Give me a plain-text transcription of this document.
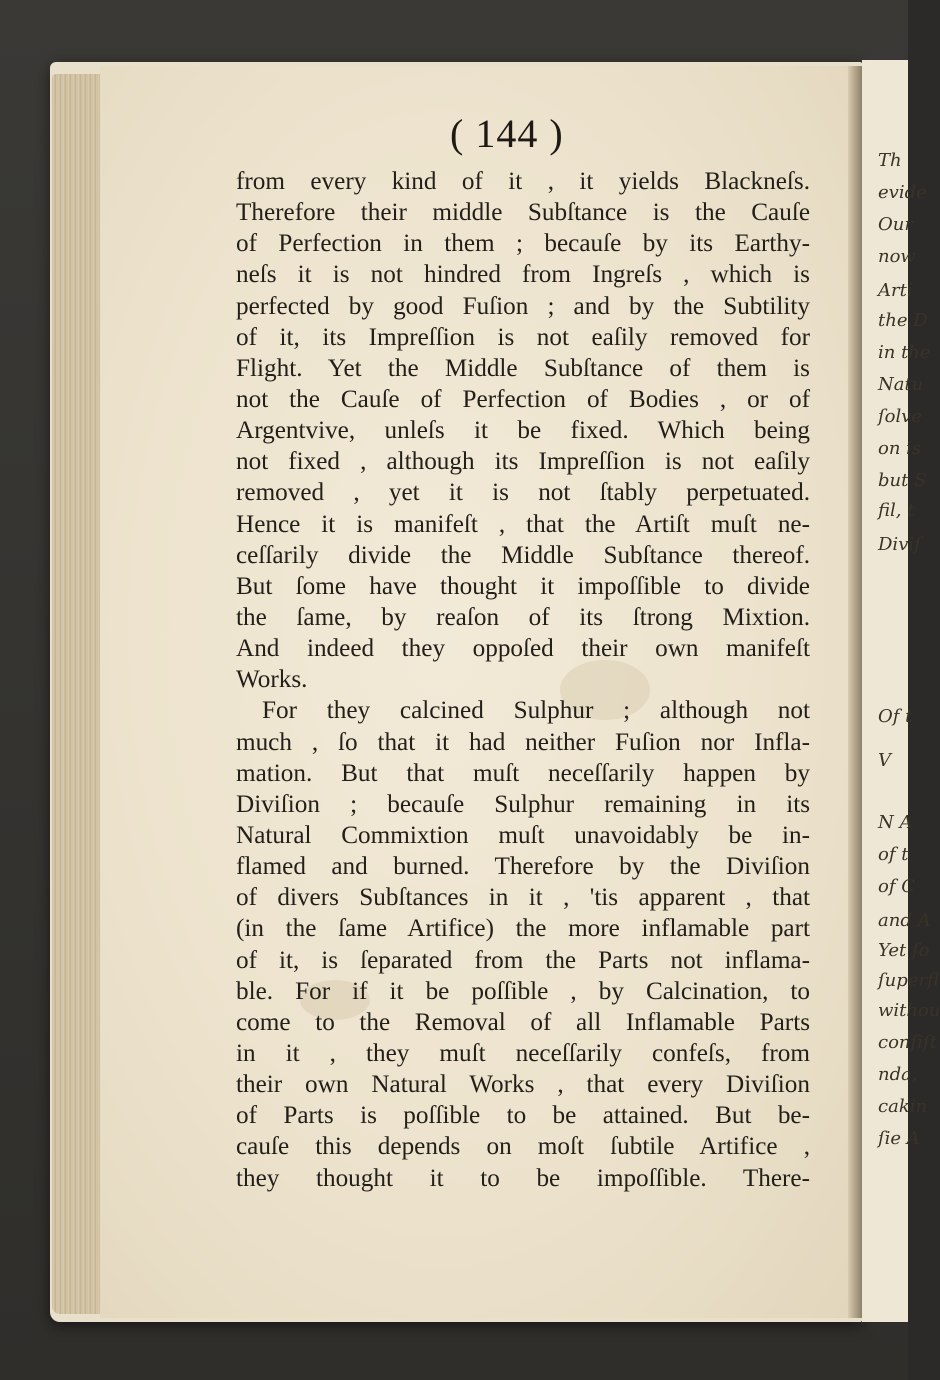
Th
evide
Our
now
Arti
the D
in the
Natu
ſolve
on is
but S
fil, t
Diviſ
Of t
V
N A
of t
of C
and A
Yet ſo
ſuperfl
withou
conſiſt
nda,
cakin
ſie A
( 144 )
from every kind of it , it yields Blackneſs.
Therefore their middle Subſtance is the Cauſe
of Perfection in them ; becauſe by its Earthy-
neſs it is not hindred from Ingreſs , which is
perfected by good Fuſion ; and by the Subtility
of it, its Impreſſion is not eaſily removed for
Flight. Yet the Middle Subſtance of them is
not the Cauſe of Perfection of Bodies , or of
Argentvive, unleſs it be fixed. Which being
not fixed , although its Impreſſion is not eaſily
removed , yet it is not ſtably perpetuated.
Hence it is manifeſt , that the Artiſt muſt ne-
ceſſarily divide the Middle Subſtance thereof.
But ſome have thought it impoſſible to divide
the ſame, by reaſon of its ſtrong Mixtion.
And indeed they oppoſed their own manifeſt
Works.
For they calcined Sulphur ; although not
much , ſo that it had neither Fuſion nor Infla-
mation. But that muſt neceſſarily happen by
Diviſion ; becauſe Sulphur remaining in its
Natural Commixtion muſt unavoidably be in-
flamed and burned. Therefore by the Diviſion
of divers Subſtances in it , 'tis apparent , that
(in the ſame Artifice) the more inflamable part
of it, is ſeparated from the Parts not inflama-
ble. For if it be poſſible , by Calcination, to
come to the Removal of all Inflamable Parts
in it , they muſt neceſſarily confeſs, from
their own Natural Works , that every Diviſion
of Parts is poſſible to be attained. But be-
cauſe this depends on moſt ſubtile Artifice ,
they thought it to be impoſſible. There-
